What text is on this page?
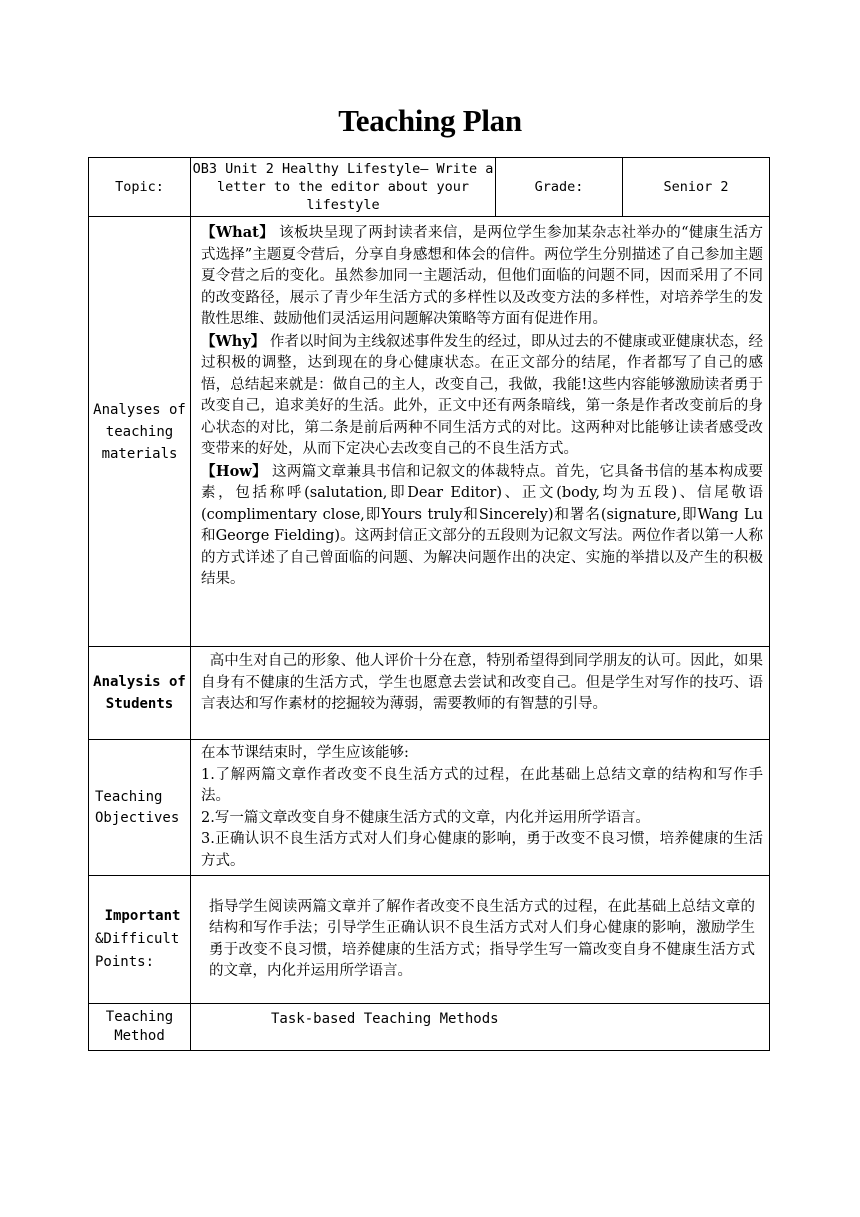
Teaching Plan
Topic:	OB3 Unit 2 Healthy Lifestyle— Write a letter to the editor about your lifestyle	Grade:	Senior 2
Analyses of teaching materials	【What】 该板块呈现了两封读者来信，是两位学生参加某杂志社举办的“健康生活方式选择”主题夏令营后，分享自身感想和体会的信件。两位学生分别描述了自己参加主题夏令营之后的变化。虽然参加同一主题活动，但他们面临的问题不同，因而采用了不同的改变路径，展示了青少年生活方式的多样性以及改变方法的多样性，对培养学生的发散性思维、鼓励他们灵活运用问题解决策略等方面有促进作用。

【Why】 作者以时间为主线叙述事件发生的经过，即从过去的不健康或亚健康状态，经过积极的调整，达到现在的身心健康状态。在正文部分的结尾，作者都写了自己的感悟，总结起来就是：做自己的主人，改变自己，我做，我能!这些内容能够激励读者勇于改变自己，追求美好的生活。此外，正文中还有两条暗线，第一条是作者改变前后的身心状态的对比，第二条是前后两种不同生活方式的对比。这两种对比能够让读者感受改变带来的好处，从而下定决心去改变自己的不良生活方式。

【How】 这两篇文章兼具书信和记叙文的体裁特点。首先，它具备书信的基本构成要素，包括称呼(salutation,即Dear Editor)、正文(body,均为五段)、信尾敬语(complimentary close,即Yours truly和Sincerely)和署名(signature,即Wang Lu和George Fielding)。这两封信正文部分的五段则为记叙文写法。两位作者以第一人称的方式详述了自己曾面临的问题、为解决问题作出的决定、实施的举措以及产生的积极结果。		

Analysis of Students	高中生对自己的形象、他人评价十分在意，特别希望得到同学朋友的认可。因此，如果自身有不健康的生活方式，学生也愿意去尝试和改变自己。但是学生对写作的技巧、语言表达和写作素材的挖掘较为薄弱，需要教师的有智慧的引导。		

Teaching Objectives	在本节课结束时，学生应该能够:

1.了解两篇文章作者改变不良生活方式的过程，在此基础上总结文章的结构和写作手法。

2.写一篇文章改变自身不健康生活方式的文章，内化并运用所学语言。

3.正确认识不良生活方式对人们身心健康的影响，勇于改变不良习惯，培养健康的生活方式。		

Important
&Difficult Points:	指导学生阅读两篇文章并了解作者改变不良生活方式的过程，在此基础上总结文章的结构和写作手法；引导学生正确认识不良生活方式对人们身心健康的影响，激励学生勇于改变不良习惯，培养健康的生活方式；指导学生写一篇改变自身不健康生活方式的文章，内化并运用所学语言。		

Teaching Method	Task-based Teaching Methods		
